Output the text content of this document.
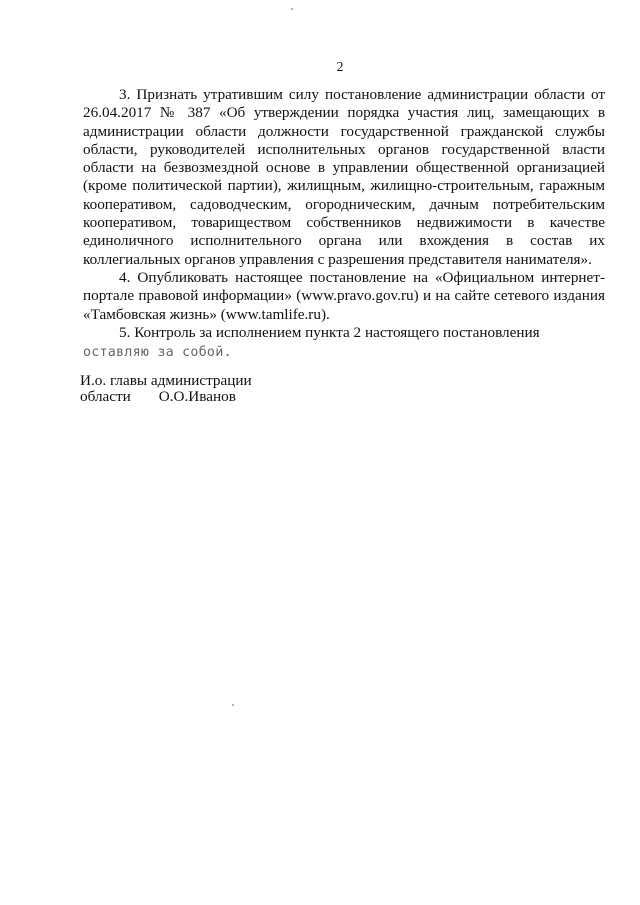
2

3. Признать утратившим силу постановление администрации области от 26.04.2017 № 387 «Об утверждении порядка участия лиц, замещающих в администрации области должности государственной гражданской службы области, руководителей исполнительных органов государственной власти области на безвозмездной основе в управлении общественной организацией (кроме политической партии), жилищным, жилищно-строительным, гаражным кооперативом, садоводческим, огородническим, дачным потребительским кооперативом, товариществом собственников недвижимости в качестве единоличного исполнительного органа или вхождения в состав их коллегиальных органов управления с разрешения представителя нанимателя».

4. Опубликовать настоящее постановление на «Официальном интернет-портале правовой информации» (www.pravo.gov.ru) и на сайте сетевого издания «Тамбовская жизнь» (www.tamlife.ru).

5. Контроль за исполнением пункта 2 настоящего постановления

оставляю за собой.
И.о. главы администрации
области О.О.Иванов
